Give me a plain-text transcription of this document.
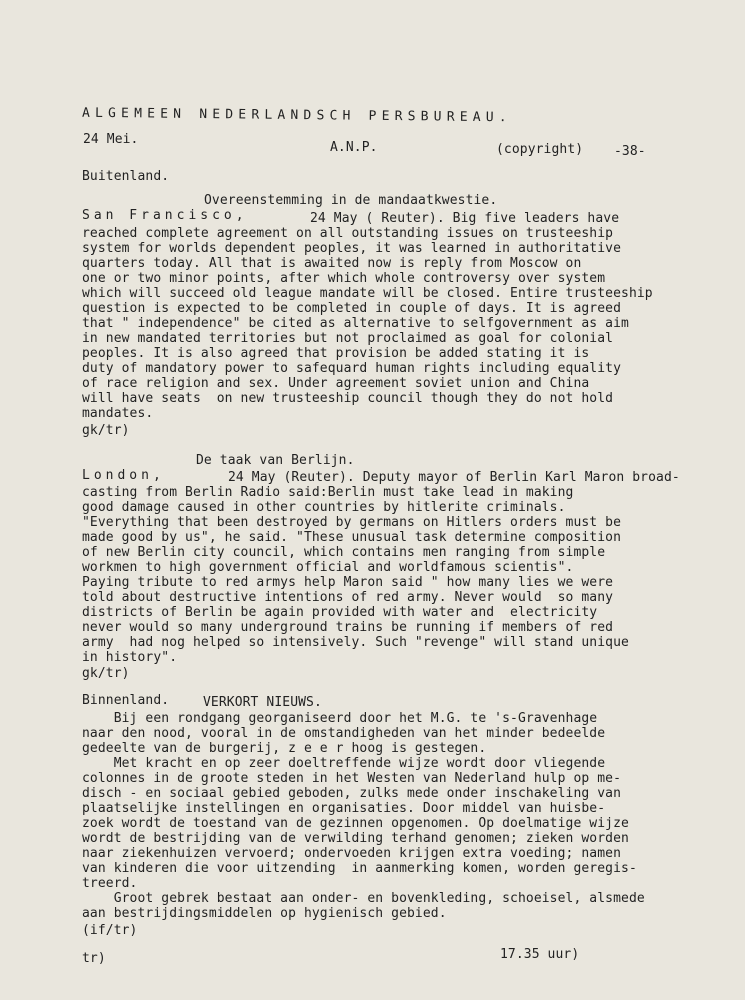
ALGEMEEN NEDERLANDSCH PERSBUREAU.
24 Mei.
A.N.P.	(copyright) -38-
Buitenland.
Overeenstemming in de mandaatkwestie.
San Francisco,	24 May ( Reuter). Big five leaders have
reached complete agreement on all outstanding issues on trusteeship
system for worlds dependent peoples, it was learned in authoritative
quarters today. All that is awaited now is reply from Moscow on
one or two minor points, after which whole controversy over system
which will succeed old league mandate will be closed. Entire trusteeship
question is expected to be completed in couple of days. It is agreed
that " independence" be cited as alternative to selfgovernment as aim
in new mandated territories but not proclaimed as goal for colonial
peoples. It is also agreed that provision be added stating it is
duty of mandatory power to safequard human rights including equality
of race religion and sex. Under agreement soviet union and China
will have seats  on new trusteeship council though they do not hold
mandates.
gk/tr)
De taak van Berlijn.
London,	24 May (Reuter). Deputy mayor of Berlin Karl Maron broad-
casting from Berlin Radio said:Berlin must take lead in making
good damage caused in other countries by hitlerite criminals.
"Everything that been destroyed by germans on Hitlers orders must be
made good by us", he said. "These unusual task determine composition
of new Berlin city council, which contains men ranging from simple
workmen to high government official and worldfamous scientis".
Paying tribute to red armys help Maron said " how many lies we were
told about destructive intentions of red army. Never would  so many
districts of Berlin be again provided with water and  electricity
never would so many underground trains be running if members of red
army  had nog helped so intensively. Such "revenge" will stand unique
in history".
gk/tr)
Binnenland.	VERKORT NIEUWS.
Bij een rondgang georganiseerd door het M.G. te 's-Gravenhage
naar den nood, vooral in de omstandigheden van het minder bedeelde
gedeelte van de burgerij, z e e r hoog is gestegen.
Met kracht en op zeer doeltreffende wijze wordt door vliegende
colonnes in de groote steden in het Westen van Nederland hulp op me-
disch - en sociaal gebied geboden, zulks mede onder inschakeling van
plaatselijke instellingen en organisaties. Door middel van huisbe-
zoek wordt de toestand van de gezinnen opgenomen. Op doelmatige wijze
wordt de bestrijding van de verwilding terhand genomen; zieken worden
naar ziekenhuizen vervoerd; ondervoeden krijgen extra voeding; namen
van kinderen die voor uitzending  in aanmerking komen, worden geregis-
treerd.
Groot gebrek bestaat aan onder- en bovenkleding, schoeisel, alsmede
aan bestrijdingsmiddelen op hygienisch gebied.
(if/tr)
tr)	17.35 uur)
